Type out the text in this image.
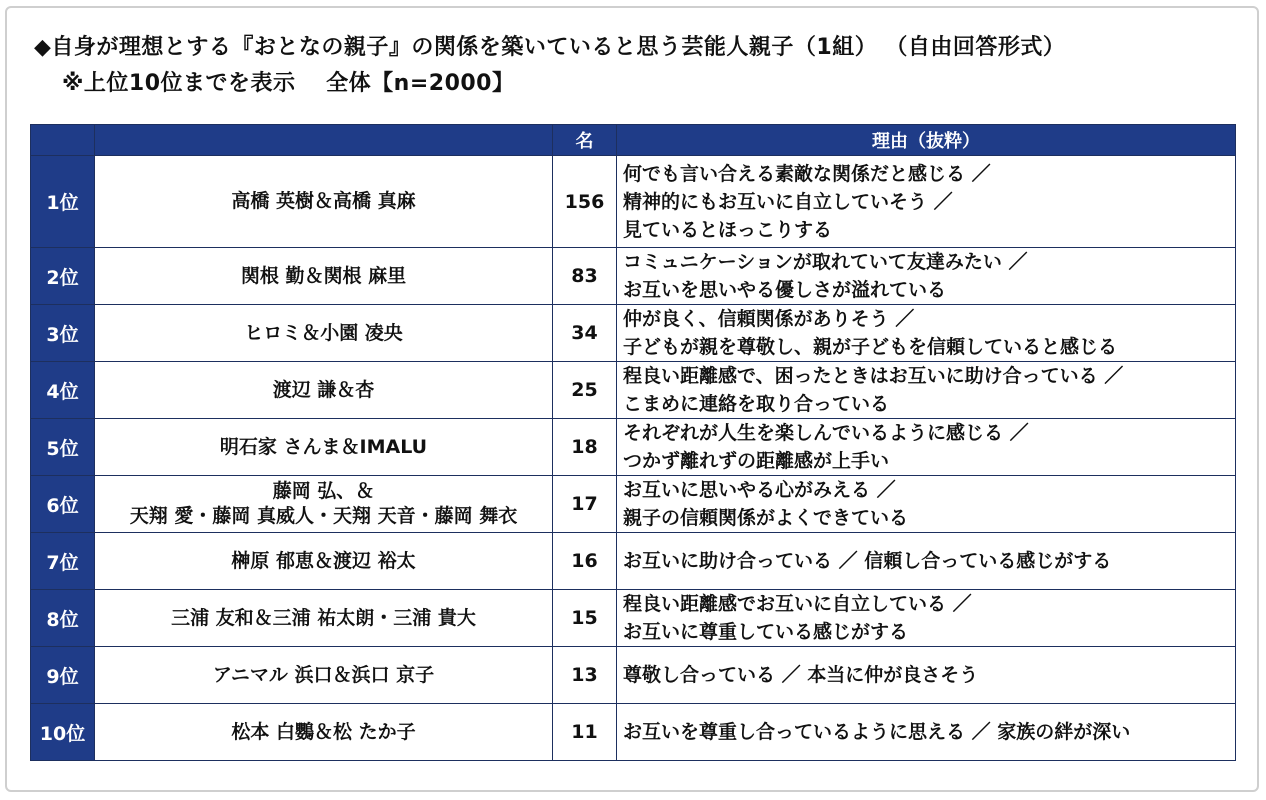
◆自身が理想とする『おとなの親子』の関係を築いていると思う芸能人親子（1組） （自由回答形式）
※上位10位までを表示　 全体【n=2000】
		名	理由（抜粋）
1位	高橋 英樹＆高橋 真麻	156	何でも言い合える素敵な関係だと感じる ／
精神的にもお互いに自立していそう ／
見ているとほっこりする

2位	関根 勤＆関根 麻里	83	コミュニケーションが取れていて友達みたい ／
お互いを思いやる優しさが溢れている

3位	ヒロミ＆小園 凌央	34	仲が良く、信頼関係がありそう ／
子どもが親を尊敬し、親が子どもを信頼していると感じる

4位	渡辺 謙＆杏	25	程良い距離感で、困ったときはお互いに助け合っている ／
こまめに連絡を取り合っている

5位	明石家 さんま＆IMALU	18	それぞれが人生を楽しんでいるように感じる ／
つかず離れずの距離感が上手い

6位	藤岡 弘、＆
天翔 愛・藤岡 真威人・天翔 天音・藤岡 舞衣	17	お互いに思いやる心がみえる ／
親子の信頼関係がよくできている

7位	榊原 郁恵＆渡辺 裕太	16	お互いに助け合っている ／ 信頼し合っている感じがする

8位	三浦 友和＆三浦 祐太朗・三浦 貴大	15	程良い距離感でお互いに自立している ／
お互いに尊重している感じがする

9位	アニマル 浜口＆浜口 京子	13	尊敬し合っている ／ 本当に仲が良さそう

10位	松本 白鸚＆松 たか子	11	お互いを尊重し合っているように思える ／ 家族の絆が深い
